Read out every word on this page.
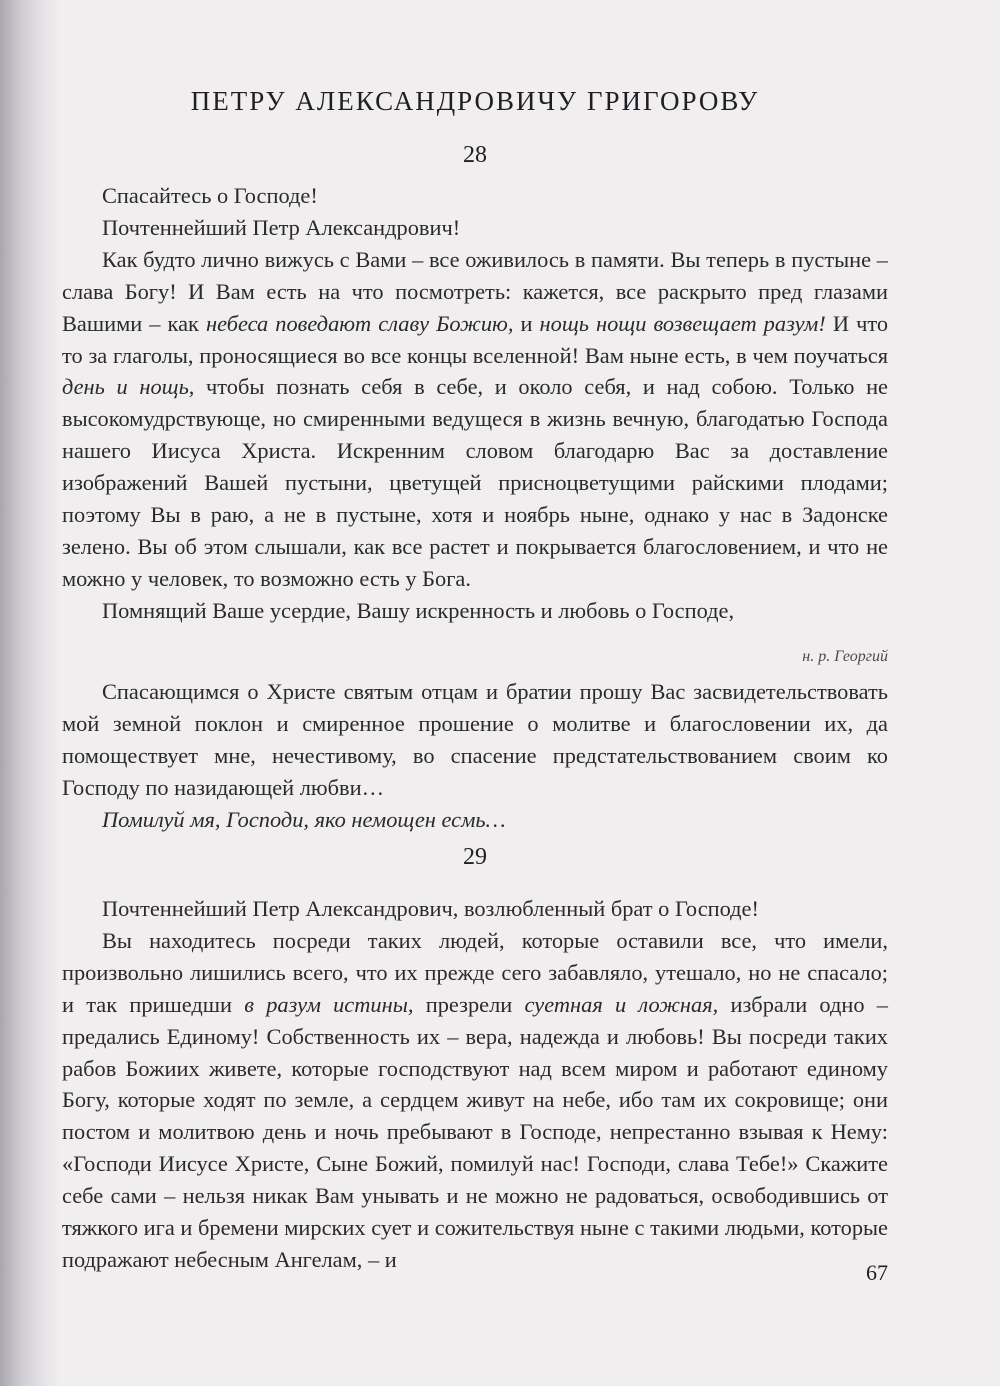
ПЕТРУ АЛЕКСАНДРОВИЧУ ГРИГОРОВУ
28

Спасайтесь о Господе!

Почтеннейший Петр Александрович!

Как будто лично вижусь с Вами – все оживилось в памяти. Вы теперь в пустыне – слава Богу! И Вам есть на что посмотреть: кажется, все раскрыто пред глазами Вашими – как небеса поведают славу Божию, и нощь нощи возвещает разум! И что то за глаголы, проносящиеся во все концы вселенной! Вам ныне есть, в чем поучаться день и нощь, чтобы познать себя в себе, и около себя, и над собою. Только не высокомудрствующе, но смиренными ведущеся в жизнь вечную, благодатью Господа нашего Иисуса Христа. Искренним словом благодарю Вас за доставление изображений Вашей пустыни, цветущей присноцветущими райскими плодами; поэтому Вы в раю, а не в пустыне, хотя и ноябрь ныне, однако у нас в Задонске зелено. Вы об этом слышали, как все растет и покрывается благословением, и что не можно у человек, то возможно есть у Бога.

Помнящий Ваше усердие, Вашу искренность и любовь о Господе,

н. р. Георгий

Спасающимся о Христе святым отцам и братии прошу Вас засвидетельствовать мой земной поклон и смиренное прошение о молитве и благословении их, да помоществует мне, нечестивому, во спасение предстательствованием своим ко Господу по назидающей любви…

Помилуй мя, Господи, яко немощен есмь…

29

Почтеннейший Петр Александрович, возлюбленный брат о Господе!

Вы находитесь посреди таких людей, которые оставили все, что имели, произвольно лишились всего, что их прежде сего забавляло, утешало, но не спасало; и так пришедши в разум истины, презрели суетная и ложная, избрали одно – предались Единому! Собственность их – вера, надежда и любовь! Вы посреди таких рабов Божиих живете, которые господствуют над всем миром и работают единому Богу, которые ходят по земле, а сердцем живут на небе, ибо там их сокровище; они постом и молитвою день и ночь пребывают в Господе, непрестанно взывая к Нему: «Господи Иисусе Христе, Сыне Божий, помилуй нас! Господи, слава Тебе!» Скажите себе сами – нельзя никак Вам унывать и не можно не радоваться, освободившись от тяжкого ига и бремени мирских сует и сожительствуя ныне с такими людьми, которые подражают небесным Ангелам, – и

67
